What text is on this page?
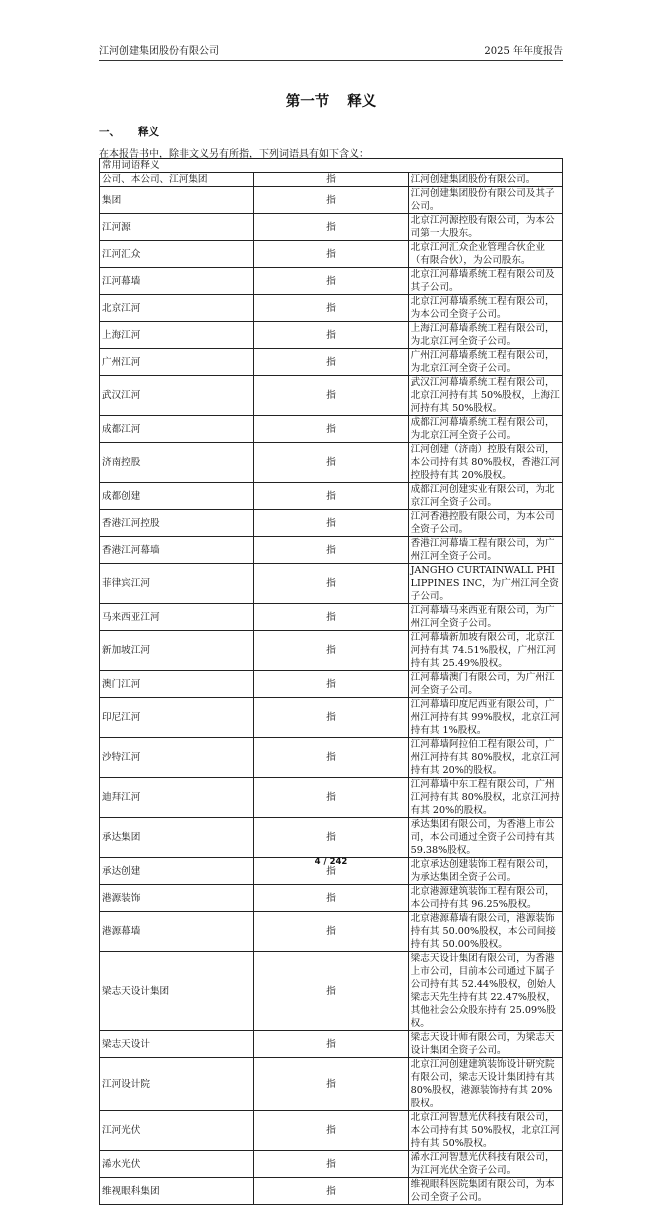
江河创建集团股份有限公司	2025 年年度报告
第一节 释义
一、 释义
在本报告书中，除非文义另有所指，下列词语具有如下含义：
常用词语释义		
公司、本公司、江河集团	指	江河创建集团股份有限公司。
集团	指	江河创建集团股份有限公司及其子公司。
江河源	指	北京江河源控股有限公司，为本公司第一大股东。
江河汇众	指	北京江河汇众企业管理合伙企业（有限合伙），为公司股东。
江河幕墙	指	北京江河幕墙系统工程有限公司及其子公司。
北京江河	指	北京江河幕墙系统工程有限公司，为本公司全资子公司。
上海江河	指	上海江河幕墙系统工程有限公司，为北京江河全资子公司。
广州江河	指	广州江河幕墙系统工程有限公司，为北京江河全资子公司。
武汉江河	指	武汉江河幕墙系统工程有限公司，北京江河持有其 50%股权，上海江河持有其 50%股权。
成都江河	指	成都江河幕墙系统工程有限公司，为北京江河全资子公司。
济南控股	指	江河创建（济南）控股有限公司，本公司持有其 80%股权，香港江河控股持有其 20%股权。
成都创建	指	成都江河创建实业有限公司，为北京江河全资子公司。
香港江河控股	指	江河香港控股有限公司，为本公司全资子公司。
香港江河幕墙	指	香港江河幕墙工程有限公司，为广州江河全资子公司。
菲律宾江河	指	JANGHO CURTAINWALL PHILIPPINES INC，为广州江河全资子公司。
马来西亚江河	指	江河幕墙马来西亚有限公司，为广州江河全资子公司。
新加坡江河	指	江河幕墙新加坡有限公司，北京江河持有其 74.51%股权，广州江河持有其 25.49%股权。
澳门江河	指	江河幕墙澳门有限公司，为广州江河全资子公司。
印尼江河	指	江河幕墙印度尼西亚有限公司，广州江河持有其 99%股权，北京江河持有其 1%股权。
沙特江河	指	江河幕墙阿拉伯工程有限公司，广州江河持有其 80%股权，北京江河持有其 20%的股权。
迪拜江河	指	江河幕墙中东工程有限公司，广州江河持有其 80%股权，北京江河持有其 20%的股权。
承达集团	指	承达集团有限公司，为香港上市公司，本公司通过全资子公司持有其 59.38%股权。
承达创建	指	北京承达创建装饰工程有限公司，为承达集团全资子公司。
港源装饰	指	北京港源建筑装饰工程有限公司，本公司持有其 96.25%股权。
港源幕墙	指	北京港源幕墙有限公司，港源装饰持有其 50.00%股权，本公司间接持有其 50.00%股权。
梁志天设计集团	指	梁志天设计集团有限公司，为香港上市公司，目前本公司通过下属子公司持有其 52.44%股权，创始人梁志天先生持有其 22.47%股权，其他社会公众股东持有 25.09%股权。
梁志天设计	指	梁志天设计师有限公司，为梁志天设计集团全资子公司。
江河设计院	指	北京江河创建建筑装饰设计研究院有限公司，梁志天设计集团持有其 80%股权，港源装饰持有其 20%股权。
江河光伏	指	北京江河智慧光伏科技有限公司，本公司持有其 50%股权，北京江河持有其 50%股权。
浠水光伏	指	浠水江河智慧光伏科技有限公司，为江河光伏全资子公司。
维视眼科集团	指	维视眼科医院集团有限公司，为本公司全资子公司。
4 / 242
